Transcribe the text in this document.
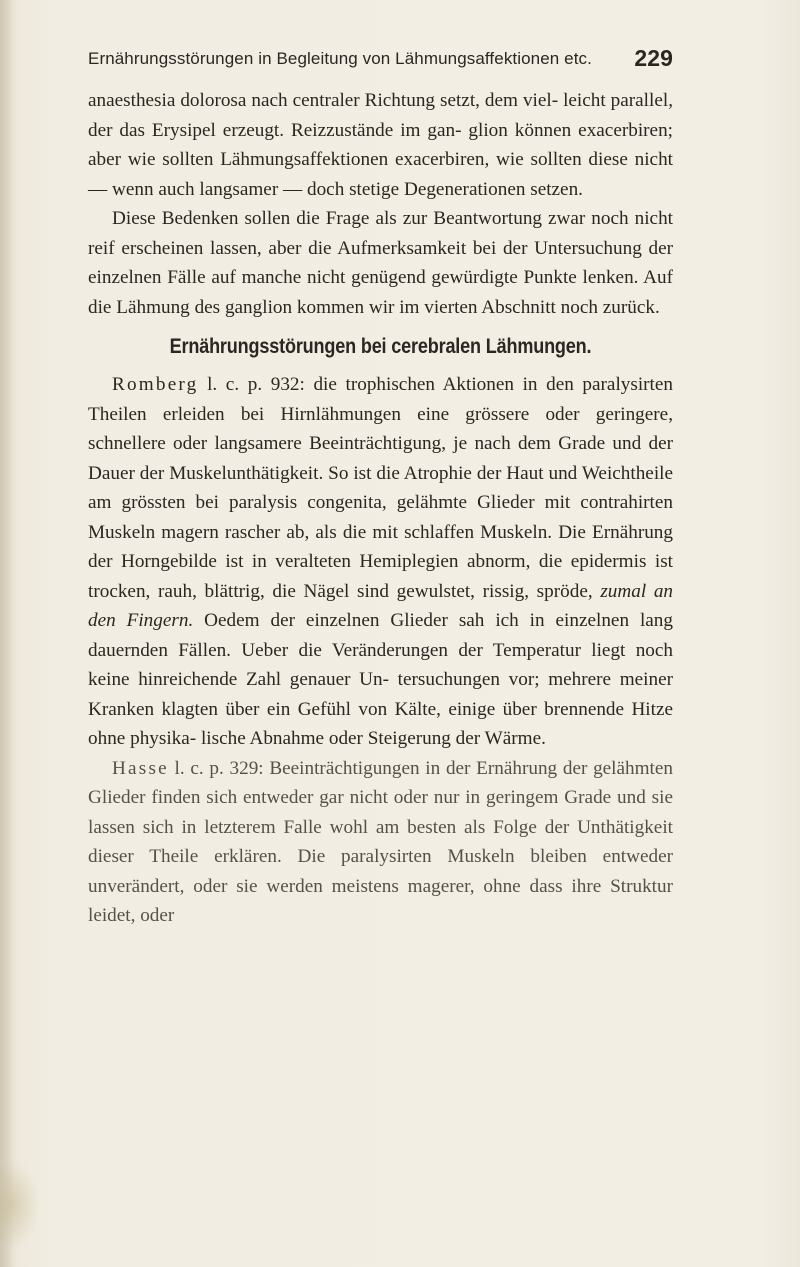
Ernährungsstörungen in Begleitung von Lähmungsaffektionen etc. 229

anaesthesia dolorosa nach centraler Richtung setzt, dem viel- leicht parallel, der das Erysipel erzeugt. Reizzustände im gan- glion können exacerbiren; aber wie sollten Lähmungsaffektionen exacerbiren, wie sollten diese nicht — wenn auch langsamer — doch stetige Degenerationen setzen.

Diese Bedenken sollen die Frage als zur Beantwortung zwar noch nicht reif erscheinen lassen, aber die Aufmerksamkeit bei der Untersuchung der einzelnen Fälle auf manche nicht genügend gewürdigte Punkte lenken. Auf die Lähmung des ganglion kommen wir im vierten Abschnitt noch zurück.

Ernährungsstörungen bei cerebralen Lähmungen.

Romberg l. c. p. 932: die trophischen Aktionen in den paralysirten Theilen erleiden bei Hirnlähmungen eine grössere oder geringere, schnellere oder langsamere Beeinträchtigung, je nach dem Grade und der Dauer der Muskelunthätigkeit. So ist die Atrophie der Haut und Weichtheile am grössten bei paralysis congenita, gelähmte Glieder mit contrahirten Muskeln magern rascher ab, als die mit schlaffen Muskeln. Die Ernährung der Horngebilde ist in veralteten Hemiplegien abnorm, die epidermis ist trocken, rauh, blättrig, die Nägel sind gewulstet, rissig, spröde, zumal an den Fingern. Oedem der einzelnen Glieder sah ich in einzelnen lang dauernden Fällen. Ueber die Veränderungen der Temperatur liegt noch keine hinreichende Zahl genauer Un- tersuchungen vor; mehrere meiner Kranken klagten über ein Gefühl von Kälte, einige über brennende Hitze ohne physika- lische Abnahme oder Steigerung der Wärme.

Hasse l. c. p. 329: Beeinträchtigungen in der Ernährung der gelähmten Glieder finden sich entweder gar nicht oder nur in geringem Grade und sie lassen sich in letzterem Falle wohl am besten als Folge der Unthätigkeit dieser Theile erklären. Die paralysirten Muskeln bleiben entweder unverändert, oder sie werden meistens magerer, ohne dass ihre Struktur leidet, oder
